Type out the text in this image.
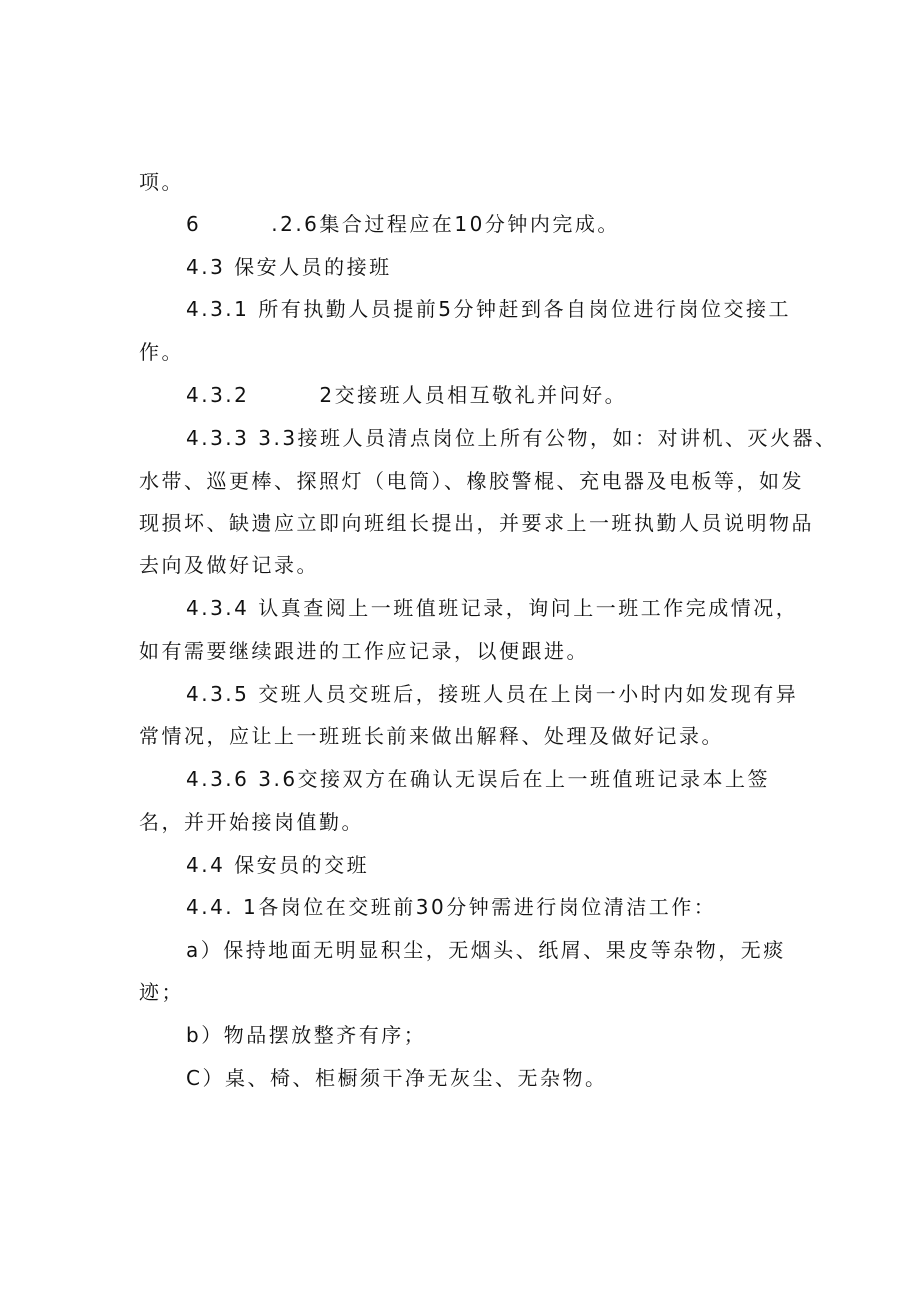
项。
6	.2.6集合过程应在10分钟内完成。
4.3 保安人员的接班
4.3.1 所有执勤人员提前5分钟赶到各自岗位进行岗位交接工
作。
4.3.2	2交接班人员相互敬礼并问好。
4.3.3 3.3接班人员清点岗位上所有公物，如：对讲机、灭火器、
水带、巡更棒、探照灯（电筒）、橡胶警棍、充电器及电板等，如发
现损坏、缺遗应立即向班组长提出，并要求上一班执勤人员说明物品
去向及做好记录。
4.3.4 认真查阅上一班值班记录，询问上一班工作完成情况，
如有需要继续跟进的工作应记录，以便跟进。
4.3.5 交班人员交班后，接班人员在上岗一小时内如发现有异
常情况，应让上一班班长前来做出解释、处理及做好记录。
4.3.6 3.6交接双方在确认无误后在上一班值班记录本上签
名，并开始接岗值勤。
4.4 保安员的交班
4.4. 1各岗位在交班前30分钟需进行岗位清洁工作：
a）保持地面无明显积尘，无烟头、纸屑、果皮等杂物，无痰
迹；
b）物品摆放整齐有序；
C）桌、椅、柜橱须干净无灰尘、无杂物。
